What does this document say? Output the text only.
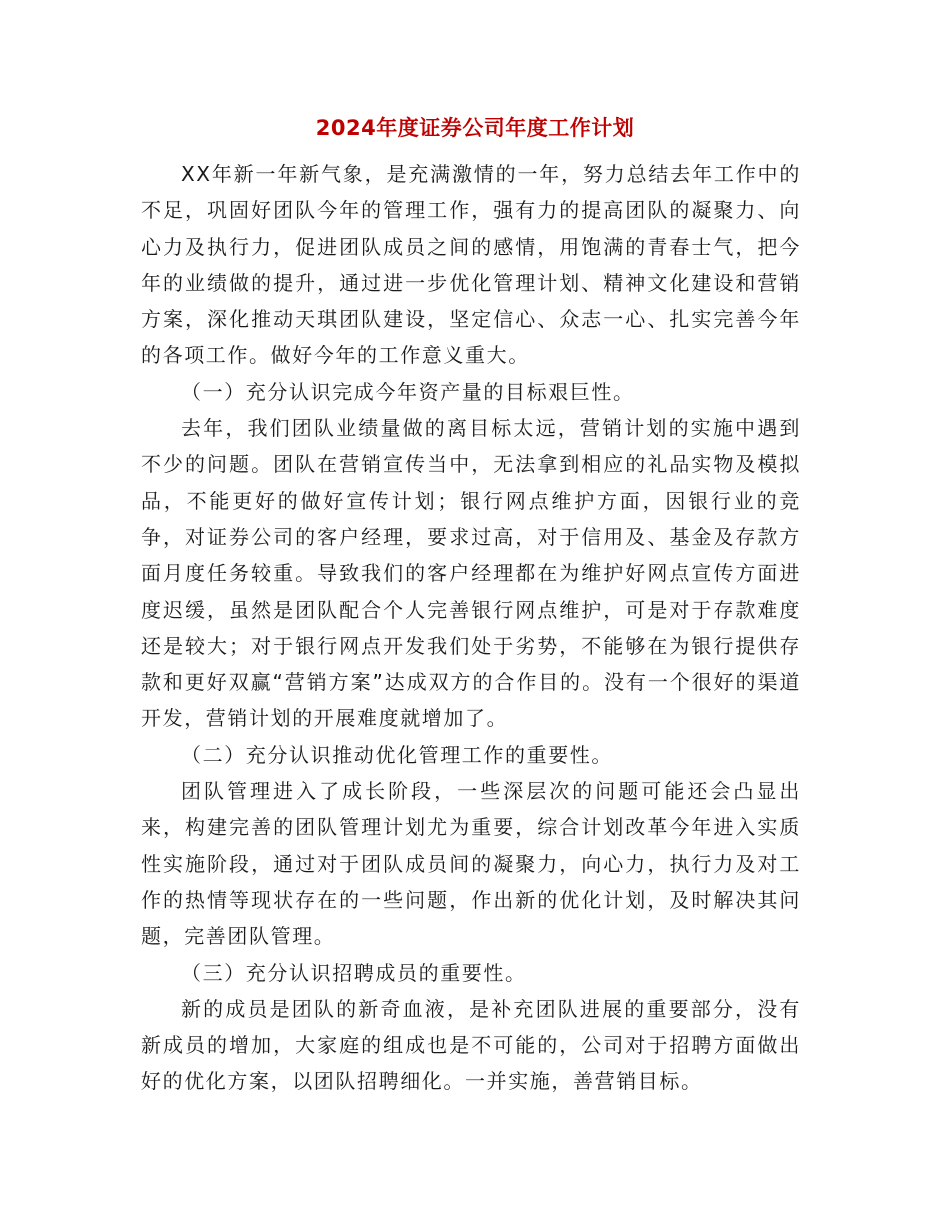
2024年度证券公司年度工作计划

XX年新一年新气象，是充满激情的一年，努力总结去年工作中的不足，巩固好团队今年的管理工作，强有力的提高团队的凝聚力、向心力及执行力，促进团队成员之间的感情，用饱满的青春士气，把今年的业绩做的提升，通过进一步优化管理计划、精神文化建设和营销方案，深化推动天琪团队建设，坚定信心、众志一心、扎实完善今年的各项工作。做好今年的工作意义重大。

（一）充分认识完成今年资产量的目标艰巨性。

去年，我们团队业绩量做的离目标太远，营销计划的实施中遇到不少的问题。团队在营销宣传当中，无法拿到相应的礼品实物及模拟品，不能更好的做好宣传计划；银行网点维护方面，因银行业的竞争，对证券公司的客户经理，要求过高，对于信用及、基金及存款方面月度任务较重。导致我们的客户经理都在为维护好网点宣传方面进度迟缓，虽然是团队配合个人完善银行网点维护，可是对于存款难度还是较大；对于银行网点开发我们处于劣势，不能够在为银行提供存款和更好双赢“营销方案”达成双方的合作目的。没有一个很好的渠道开发，营销计划的开展难度就增加了。

（二）充分认识推动优化管理工作的重要性。

团队管理进入了成长阶段，一些深层次的问题可能还会凸显出来，构建完善的团队管理计划尤为重要，综合计划改革今年进入实质性实施阶段，通过对于团队成员间的凝聚力，向心力，执行力及对工作的热情等现状存在的一些问题，作出新的优化计划，及时解决其问题，完善团队管理。

（三）充分认识招聘成员的重要性。

新的成员是团队的新奇血液，是补充团队进展的重要部分，没有新成员的增加，大家庭的组成也是不可能的，公司对于招聘方面做出好的优化方案，以团队招聘细化。一并实施，善营销目标。
